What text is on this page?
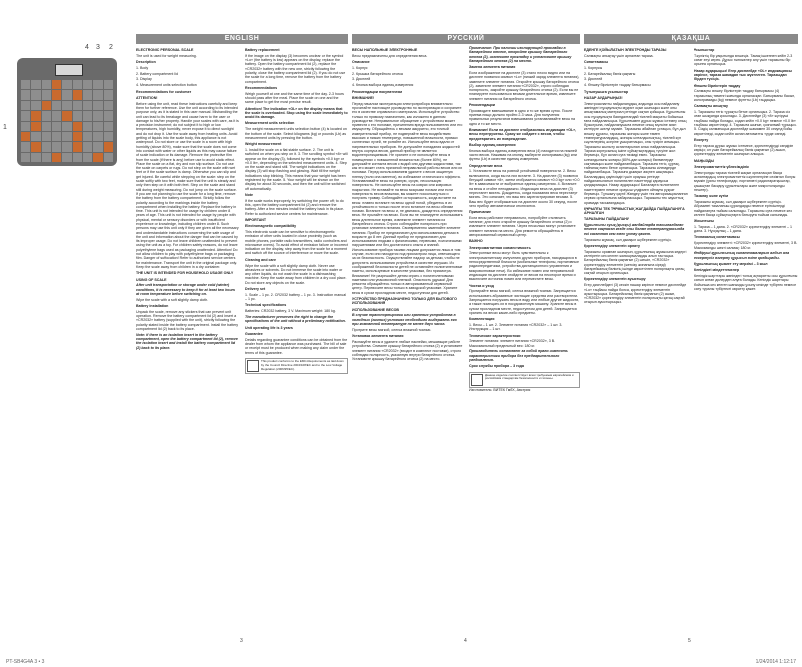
PT-SB4G4A 3 • 3	1/24/2014 1:12:17
4 3 2
1
ENGLISH

ELECTRONIC PERSONAL SCALE

The unit is used for weight measuring.

Description

1. Body

2. Battery compartment lid

3. Display

4. Measurement units selection button

Recommendations for customer

ATTENTION!

Before using the unit, read these instructions carefully and keep them for further reference. Use the unit according to its intended purpose only, as it is stated in this user manual. Mishandling the unit can lead to its breakage and cause harm to the user or damage to his/her property. Handle your scales with care, as it is a precision instrument; do not subject it to high or low temperatures, high humidity, never expose it to direct sunlight and do not drop it. Use the scale away from heating units. Avoid getting of liquids into the scale body, this appliance is not waterproof. Do not store or use the scale in a room with high humidity (above 80%), make sure that the scale does not come into contact with water or other liquids as this may cause failure of scale indication or its damage. Remove the protective film from the scale (if there is any) before use to avoid static effect. Place the scale on a flat, dry and non slip surface. Do not use the scale on carpets or rugs. Do not step on the scale with wet feet or if the scale surface is damp. Otherwise you can slip and get injured. Be careful while stepping on the scale: step on the scale softly with two feet, make sure that the unit is steady and only then step on it with both feet. Step on the scale and stand still during weight measuring. Do not jump on the scale surface. If you are not planning to use the scale for a long time, remove the battery from the battery compartment. Strictly follow the polarity according to the markings inside the battery compartment when installing the battery. Replace the battery in time. This unit is not intended for usage by children under 8 years of age. This unit is not intended for usage by people with physical, mental or sensory disorders or with insufficient experience or knowledge, including children under 8. Such persons may use this unit only if they are given all the necessary and understandable instructions concerning the safe usage of the unit and information about the danger that can be caused by its improper usage. Do not leave children unattended to prevent using the unit as a toy. For children safety reasons, do not leave polyethylene bags used as packaging unattended. Attention! Do not allow children to play with polyethylene bags or packaging film. Danger of suffocation! Refer to authorized service centers for maintenance. Transport the unit in the original package only. Keep the scale away from children in a dry container.

THE UNIT IS INTENDED FOR HOUSEHOLD USAGE ONLY

USING OF SCALE

After unit transportation or storage under cold (winter) conditions, it is necessary to keep it for at least two hours at room temperature before switching on.

Wipe the scale with a soft slightly damp cloth.

Battery installation

Unpack the scale, remove any stickers that can prevent unit operation. Remove the battery compartment lid (2) and insert a «CR2032» battery (supplied with the unit), strictly following the polarity stated inside the battery compartment. Install the battery compartment lid (2) back to its place.

Note: if there is an isolation insert in the battery compartment, open the battery compartment lid (2), remove the isolation insert and install the battery compartment lid (2) back to its place.

Battery replacement

If the image on the display (3) becomes unclear or the symbol «Lo» (the battery is low) appears on the display, replace the battery. Open the battery compartment lid (2), replace the «CR2032» battery with the new one, strictly following the polarity, close the battery compartment lid (2). If you do not use the scale for a long time, remove the battery from the battery compartment.

Recommendations

Weigh yourself at one and the same time of the day. 2-3 hours should pass after the meal. Place the scale on one and the same place to get the most precise result.

Attention! The indication «OL» on the display means that the scale is overloaded. Stop using the scale immediately to avoid its damage.

Measurement units selection

The weight measurement units selection button (4) is located on the bottom of the scale. Select kilograms (kg) or pounds (Lb) as measurement units by pressing the button.

Weight measurement

1. Install the scale on a flat stable surface. 2. The unit is switched on when you step on it. 3. The scrolling symbol «8» will appear on the display (3), followed by the symbols «0.0 kg» or «0.0 lb», depending on the selected measurement units. 4. Step on the scale and stand still. The weight indications on the display (3) will stop flashing and glowing. Wait till the weight indications stop blinking. This means that your weight has been registered by the scale. 5. Your weight will be shown on the display for about 30 seconds, and then the unit will be switched off automatically.

Note

If the scale works improperly, try switching the power off; to do this, open the battery compartment lid (2) and remove the battery. After a few minutes install the battery back in its place. Refer to authorized service centers for maintenance.

IMPORTANT

Electromagnetic compatibility

This electronic scale can be sensitive to electromagnetic emission of other units located in close proximity (such as mobile phones, portable radio transmitters, radio controllers and microwave ovens). To avoid effect of emission failure or incorrect indication on the display, step away from the scale for a moment and switch off the source of interference or move the scale.

Cleaning and care

Wipe the scale with a soft slightly damp cloth. Never use abrasives or solvents. Do not immerse the scale into water or any other liquids, do not wash the scale in a dishwashing machine. Keep the scale away from children in a dry cool place. Do not store any objects on the scale.

Delivery set

1. Scale – 1 pc. 2. CR2032 battery – 1 pc. 3. Instruction manual – 1 pc.

Technical specifications

Batteries: CR2032 battery, 3 V. Maximum weight: 180 kg.

The manufacturer preserves the right to change the specifications of the unit without a preliminary notification.

Unit operating life is 3 years

Guarantee

Details regarding guarantee conditions can be obtained from the dealer from whom the appliance was purchased. The bill of sale or receipt must be produced when making any claim under the terms of this guarantee.

This product conforms to the EMC-Requirements as laid down by the Council Directive 2004/108/EC and to the Low Voltage Regulation (2006/95/EC).
3
РУССКИЙ

ВЕСЫ НАПОЛЬНЫЕ ЭЛЕКТРОННЫЕ

Весы предназначены для определения веса.

Описание

1. Корпус

2. Крышка батарейного отсека

3. Дисплей

4. Кнопка выбора единиц измерения

Рекомендации покупателям

ВНИМАНИЕ!

Перед началом эксплуатации электроприбора внимательно прочитайте настоящее руководство по эксплуатации и сохраните его в качестве справочного материала. Используйте устройство только по прямому назначению, как изложено в данном руководстве. Неправильное обращение с устройством может привести к его поломке, причинению вреда пользователю или его имуществу. Обращайтесь с весами аккуратно, это точный измерительный прибор, не подвергайте весы воздействию высоких и низких температур, повышенной влажности, прямых солнечных лучей, не роняйте их. Используйте весы вдали от нагревательных приборов. Не допускайте попадания жидкостей внутрь корпуса весов, данный прибор не является водонепроницаемым. Не храните и не используйте весы в помещениях с повышенной влажностью (более 80%), не допускайте контакта весов с водой или другими жидкостями, так как это может стать причиной неправильной работы весов или их поломки. Перед использованием удалите с весов защитную пленку (если она имеется), во избежание статического эффекта. Устанавливайте весы на ровную, сухую, нескользкую поверхность. Не используйте весы на коврах или ковровых покрытиях. Не вставайте на весы мокрыми ногами или если поверхность весов влажная, вы можете поскользнуться и получить травму. Соблюдайте осторожность, когда встаете на весы: плавно встаньте на весы одной ногой, убедитесь в их устойчивости и только после этого встаньте на весы обеими ногами. Встаньте на весы и, не двигаясь, дождитесь определения веса. Не прыгайте на весах. Если вы не планируете использовать весы длительное время, извлеките элемент питания из батарейного отсека. Строго соблюдайте полярность при установке элемента питания. Своевременно заменяйте элемент питания. Прибор не предназначен для использования детьми в возрасте до 8 лет. Данный прибор не предназначен для использования людьми с физическими, нервными, психическими нарушениями или без достаточного опыта и знаний. Использование прибора такими лицами допускается лишь в том случае, если они находятся под присмотром лица, отвечающего за их безопасность. Осуществляйте надзор за детьми, чтобы не допустить использования устройства в качестве игрушки. Из соображений безопасности детей не оставляйте полиэтиленовые пакеты, используемые в качестве упаковки, без присмотра. Внимание! Не разрешайте детям играть с полиэтиленовыми пакетами или упаковочной пленкой. Опасность удушья! Для ремонта обращайтесь только в авторизованный сервисный центр. Перевозите весы только в заводской упаковке. Храните весы в сухом прохладном месте, недоступном для детей.

УСТРОЙСТВО ПРЕДНАЗНАЧЕНО ТОЛЬКО ДЛЯ БЫТОВОГО ИСПОЛЬЗОВАНИЯ

ИСПОЛЬЗОВАНИЕ ВЕСОВ

В случае транспортировки или хранения устройства в холодных (зимних) условиях необходимо выдержать его при комнатной температуре не менее двух часов.

Протрите весы мягкой, слегка влажной тканью.

Установка элемента питания

Распакуйте весы и удалите любые наклейки, мешающие работе устройства. Снимите крышку батарейного отсека (2) и установите элемент питания «CR2032» (входит в комплект поставки), строго соблюдая полярность, указанную внутри батарейного отсека. Установите крышку батарейного отсека (2) на место.

Примечание: При наличии изолирующей прокладки в батарейном отсеке, откройте крышку батарейного отсека (2), извлеките прокладку и установите крышку батарейного отсека (2) на место.

Замена элемента питания

Если изображение на дисплее (3) стало плохо видно или на дисплее появился символ «Lo» (низкий заряд элемента питания), замените элемент питания. Откройте крышку батарейного отсека (2), замените элемент питания «CR2032», строго соблюдая полярность, закройте крышку батарейного отсека (2). Если вы не планируете пользоваться весами длительное время, извлеките элемент питания из батарейного отсека.

Рекомендации

Производите взвешивание в одно и то же время суток. После приема пищи должно пройти 2-3 часа. Для получения правильных результатов взвешивания устанавливайте весы на одно и то же место.

Внимание! Если на дисплее отобразилась индикация «OL», весы перегружены. Сразу же сойдите с весов, чтобы предотвратить их повреждение.

Выбор единиц измерения

Кнопка выбора единиц измерения веса (4) находится на нижней части весов. Нажимая на кнопку, выберите килограммы (kg) или фунты (Lb) в качестве единиц измерения.

Определение веса

1. Установите весы на ровной устойчивой поверхности. 2. Весы включаются, когда вы на них встаете. 3. На дисплее (3) появится бегущий символ «8», затем отобразится символ «0.0 kg» или «0.0 lb» в зависимости от выбранных единиц измерения. 4. Встаньте на весы и стойте неподвижно. Индикация веса на дисплее (3) перестанет мигать. Дождитесь, когда показания веса перестанут мигать. Это означает, что ваш вес зарегистрирован весами. 5. Ваш вес будет отображаться на дисплее около 30 секунд, после чего прибор автоматически отключится.

Примечание

Если весы работают неправильно, попробуйте отключить питание; для этого откройте крышку батарейного отсека (2) и извлеките элемент питания. Через несколько минут установите элемент питания на место. Для ремонта обращайтесь в авторизованный сервисный центр.

ВАЖНО

Электромагнитная совместимость

Электронные весы могут быть чувствительны к электромагнитному излучению других приборов, находящихся в непосредственной близости (мобильные телефоны, портативные радиопередатчики, устройства дистанционного управления и микроволновые печи). Во избежание помех или неправильной индикации на дисплее отойдите от весов на некоторое время и выключите источник помех или переместите весы.

Чистка и уход

Протирайте весы мягкой, слегка влажной тканью. Запрещается использовать абразивные чистящие средства или растворители. Запрещается погружать весы в воду или любые другие жидкости, а также помещать их в посудомоечную машину. Храните весы в сухом прохладном месте, недоступном для детей. Запрещается хранить на весах какие-либо предметы.

Комплектация

1. Весы – 1 шт. 2. Элемент питания «CR2032» – 1 шт. 3. Инструкция – 1 шт.

Технические характеристики

Элемент питания: элемент питания «CR2032», 3 В. Максимальный предельный вес: 180 кг.

Производитель оставляет за собой право изменять характеристики прибора без предварительного уведомления.

Срок службы прибора – 3 года

Данное изделие соответствует всем требуемым европейским и российским стандартам безопасности и гигиены.

Изготовитель: ВИТЕК ГмбХ, Австрия

4
ҚАЗАҚША

ЕДЕНГЕ ҚОЙЫЛАТЫН ЭЛЕКТРОНДЫ ТАРАЗЫ

Салмақты анықтау үшін арналған тараза.

Сипаттамасы

1. Корпусы

2. Батарейкалық бөлік қақпағы

3. Дисплей

4. Өлшеу бірліктерін таңдау батырмасы

Тұтынушыға ұсыныстар

НАЗАР АУДАРЫҢЫЗ!

Электроаспапты пайдаланудың алдында осы пайдалану жөніндегі нұсқаулықты мұқият оқып шығыңыз және оны анықтамалық материал ретінде сақтап қойыңыз. Құрылғыны осы нұсқаулықта баяндалғандай тікелей мақсаты бойынша ғана пайдаланыңыз. Құрылғымен дұрыс жұмыс істемеу оның бұзылуына, пайдаланушыға немесе оның мүлкіне зиян келтіруге әкелуі мүмкін. Таразыны абайлап ұстаңыз, бұл дәл өлшеу құралы, таразыны жоғары және төмен температуралардың, жоғары ылғалдылықтың, тікелей күн сәулелерінің әсеріне ұшыратпаңыз, оны түсіріп алмаңыз. Таразыны жылыту аспаптарынан алыс пайдаланыңыз. Тараза корпусының ішіне сұйықтықтардың түсуіне жол бермеңіз, бұл аспап суға төзімді емес. Таразыны ылғалдылығы жоғары (80%-дан жоғары) бөлмелерде сақтамаңыз және пайдаланбаңыз. Таразыға тегіс, құрғақ, тайғанақ емес бетке орнатыңыз. Таразыны кілемдерде пайдаланбаңыз. Таразыға дымқыл аяқпен шықпаңыз. Балалардың қауіпсіздігі үшін орауыш ретінде пайдаланылатын полиэтилен пакеттерді қараусыз қалдырмаңыз. Назар аударыңыз! Балаларға полиэтилен пакеттермен немесе орауыш үлдірмен ойнауға рұқсат бермеңіз. Тұншығу қаупі! Жөндеу үшін тек авторизацияланған сервис орталығына хабарласыңыз. Таразыны тек зауыттық орамада тасымалдаңыз.

ҚҰРЫЛҒЫ ТЕК ТҰРМЫСТЫҚ ЖАҒДАЙДА ПАЙДАЛАНУҒА АРНАЛҒАН

ТАРАЗЫНЫ ПАЙДАЛАНУ

Құрылғыны суық (қысқы) жағдайларда тасымалдаған немесе сақтаған кезде оны бөлме температурасында екі сағаттан кем емес ұстау қажет.

Таразыны жұмсақ, сәл дымқыл шүберекпен сүртіңіз.

Қоректендіру элементін орнату

Таразыны орамнан шығарып, құрылғының жұмысына кедергі келтіретін кез келген жапсырмаларды алып тастаңыз. Батарейкалық бөлік қақпағын (2) шешіп, «CR2032» қоректендіру элементін (жеткізу жинағына кіреді) батарейкалық бөліктің ішінде көрсетілген полярлықты қатаң сақтай отырып орнатыңыз.

Қоректендіру элементін ауыстыру

Егер дисплейдегі (3) кескін нашар көрінсе немесе дисплейде «Lo» таңбасы пайда болса, қоректендіру элементін ауыстырыңыз. Батарейкалық бөлік қақпағын (2) ашып, «CR2032» қоректендіру элементін полярлықты қатаң сақтай отырып ауыстырыңыз.

Ұсыныстар

Тәуліктің бір уақытында өлшеңіз. Тамақ ішкеннен кейін 2-3 сағат өтуі керек. Дұрыс нәтижелер алу үшін таразыны бір орынға орнатыңыз.

Назар аударыңыз! Егер дисплейде «OL» индикациясы көрінсе, тараза шамадан тыс жүктелген. Таразыдан бірден түсіңіз.

Өлшем бірліктерін таңдау

Салмақты өлшеу бірліктерін таңдау батырмасы (4) таразының төменгі жағында орналасқан. Батырманы басып, килограммды (kg) немесе фунтты (Lb) таңдаңыз.

Салмақты анықтау

1. Таразыны тегіс тұрақты бетке орнатыңыз. 2. Тараза сіз оған шыққанда қосылады. 3. Дисплейде (3) «8» жүгіруші таңбасы пайда болады, содан кейін «0.0 kg» немесе «0.0 lb» таңбасы көрсетіледі. 4. Таразыға шығып, қозғалмай тұрыңыз. 5. Сіздің салмағыңыз дисплейде шамамен 30 секунд бойы көрсетіледі, содан кейін аспап автоматты түрде сөнеді.

Ескерту

Егер тараза дұрыс жұмыс істемесе, қоректендіруді сөндіріп көріңіз; ол үшін батарейкалық бөлік қақпағын (2) ашып, қоректендіру элементін шығарып алыңыз.

МАҢЫЗДЫ

Электромагниттік үйлесімділік

Электронды тараза тікелей жақын орналасқан басқа аспаптардың электромагниттік сәулеленуіне сезімтал болуы мүмкін (ұялы телефондар, портативті радиотаратқыштар, қашықтан басқару құрылғылары және микротолқынды пештер).

Тазалау және күтім

Таразыны жұмсақ, сәл дымқыл шүберекпен сүртіңіз. Абразивті тазалағыш құралдарды немесе еріткіштерді пайдалануға тыйым салынады. Таразыны суға немесе кез келген басқа сұйықтықтарға батыруға тыйым салынады.

Жиынтығы

1. Тараза – 1 дана. 2. «CR2032» қоректендіру элементі – 1 дана. 3. Нұсқаулық – 1 дана.

Техникалық сипаттамасы

Қоректендіру элементі: «CR2032» қоректендіру элементі, 3 В. Максималды шекті салмақ: 180 кг.

Өндіруші құрылғының сипаттамаларын алдын ала ескертусіз өзгерту құқығын өзіне қалдырады.

Құрылғының қызмет ету мерзімі – 3 жыл

Кепілдікті міндеттемелер

Кепілдік шарттары жөніндегі толық ақпаратты осы құрылғыны сатып алған дилерден алуға болады. Кепілдік шарттары бойынша кез келген шағымды ұсыну кезінде түбіртек немесе сату туралы түбіртекті көрсету қажет.

5
